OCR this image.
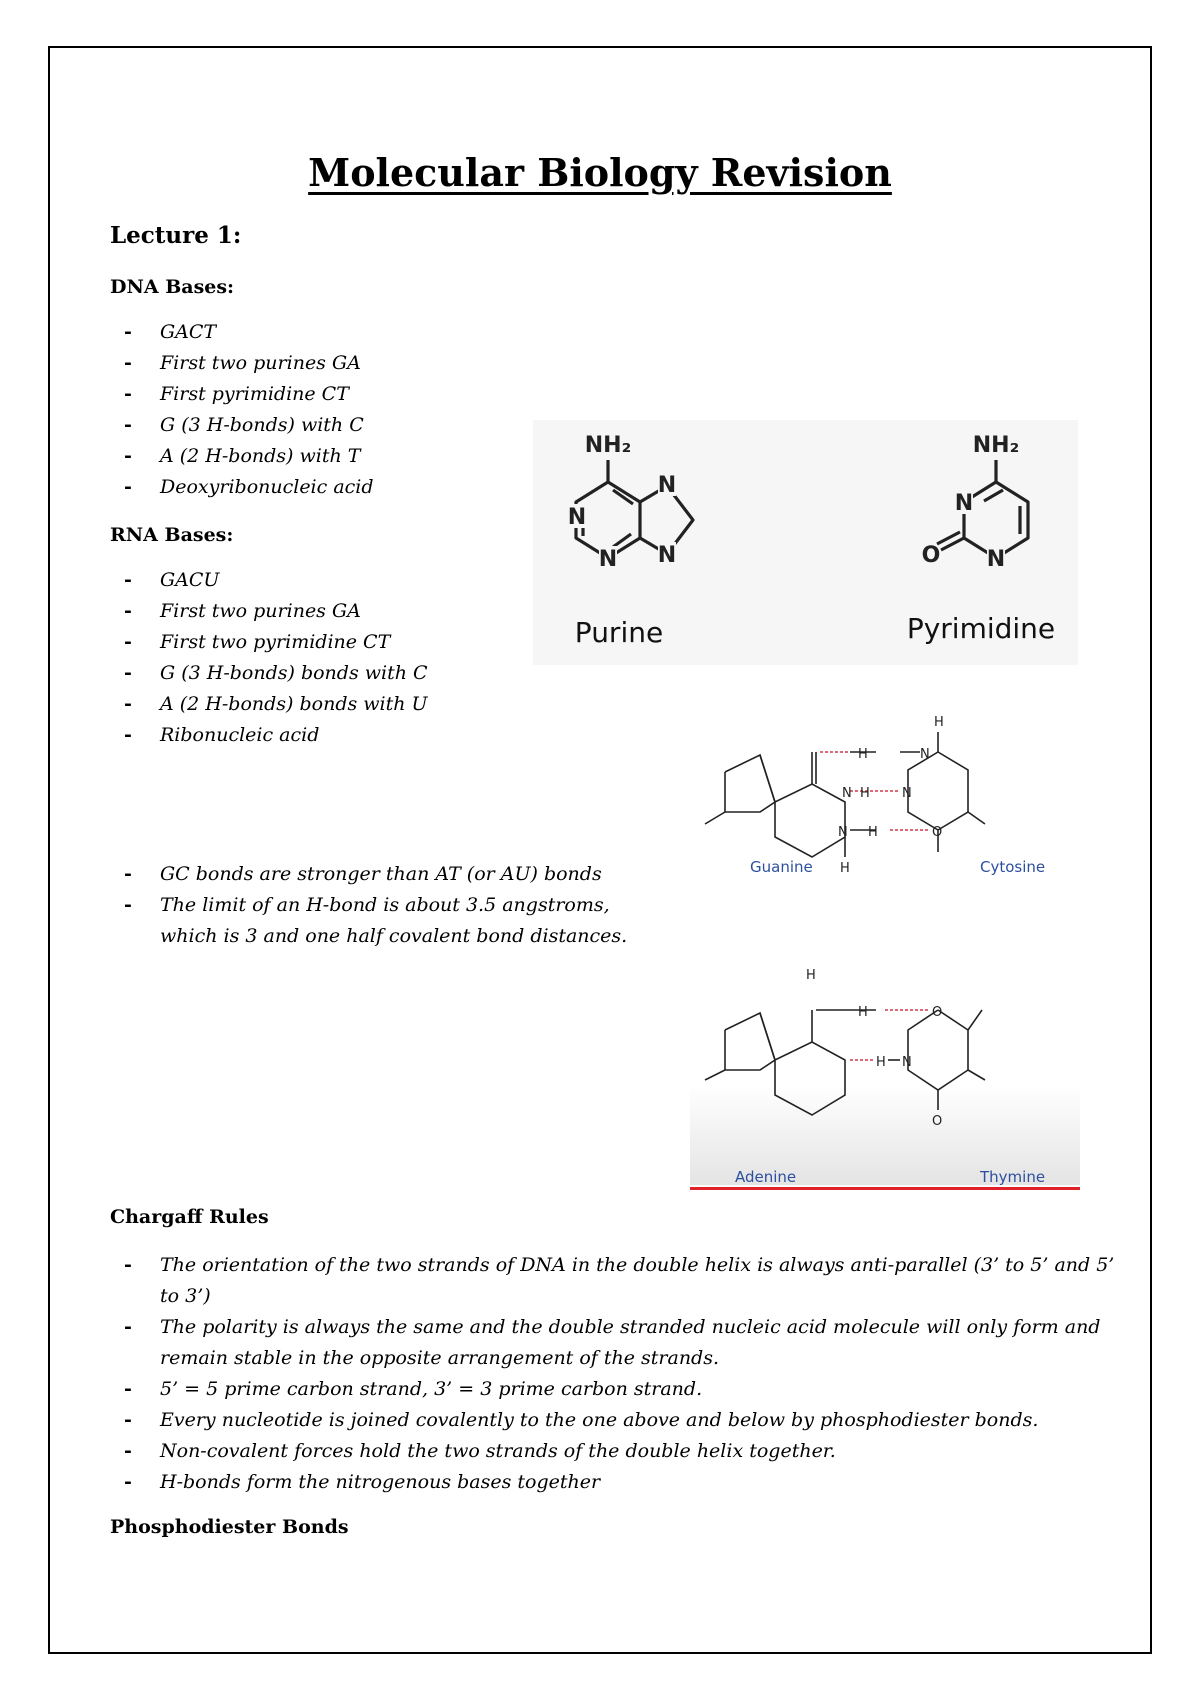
Molecular Biology Revision
Lecture 1:
DNA Bases:
- GACT
- First two purines GA
- First pyrimidine CT
- G (3 H-bonds) with C
- A (2 H-bonds) with T
- Deoxyribonucleic acid
RNA Bases:
- GACU
- First two purines GA
- First two pyrimidine CT
- G (3 H-bonds) bonds with C
- A (2 H-bonds) bonds with U
- Ribonucleic acid
- GC bonds are stronger than AT (or AU) bonds
- The limit of an H-bond is about 3.5 angstroms, which is 3 and one half covalent bond distances.
N
N
N
N
NH₂
N
N
O
NH₂
Purine	Pyrimidine
H	N
H
N H N
N H	O
H
Guanine	Cytosine
H
H	O
H N
O
Adenine	Thymine
Chargaff Rules
- The orientation of the two strands of DNA in the double helix is always anti-parallel (3’ to 5’ and 5’ to 3’)
- The polarity is always the same and the double stranded nucleic acid molecule will only form and remain stable in the opposite arrangement of the strands.
- 5’ = 5 prime carbon strand, 3’ = 3 prime carbon strand.
- Every nucleotide is joined covalently to the one above and below by phosphodiester bonds.
- Non-covalent forces hold the two strands of the double helix together.
- H-bonds form the nitrogenous bases together
Phosphodiester Bonds
